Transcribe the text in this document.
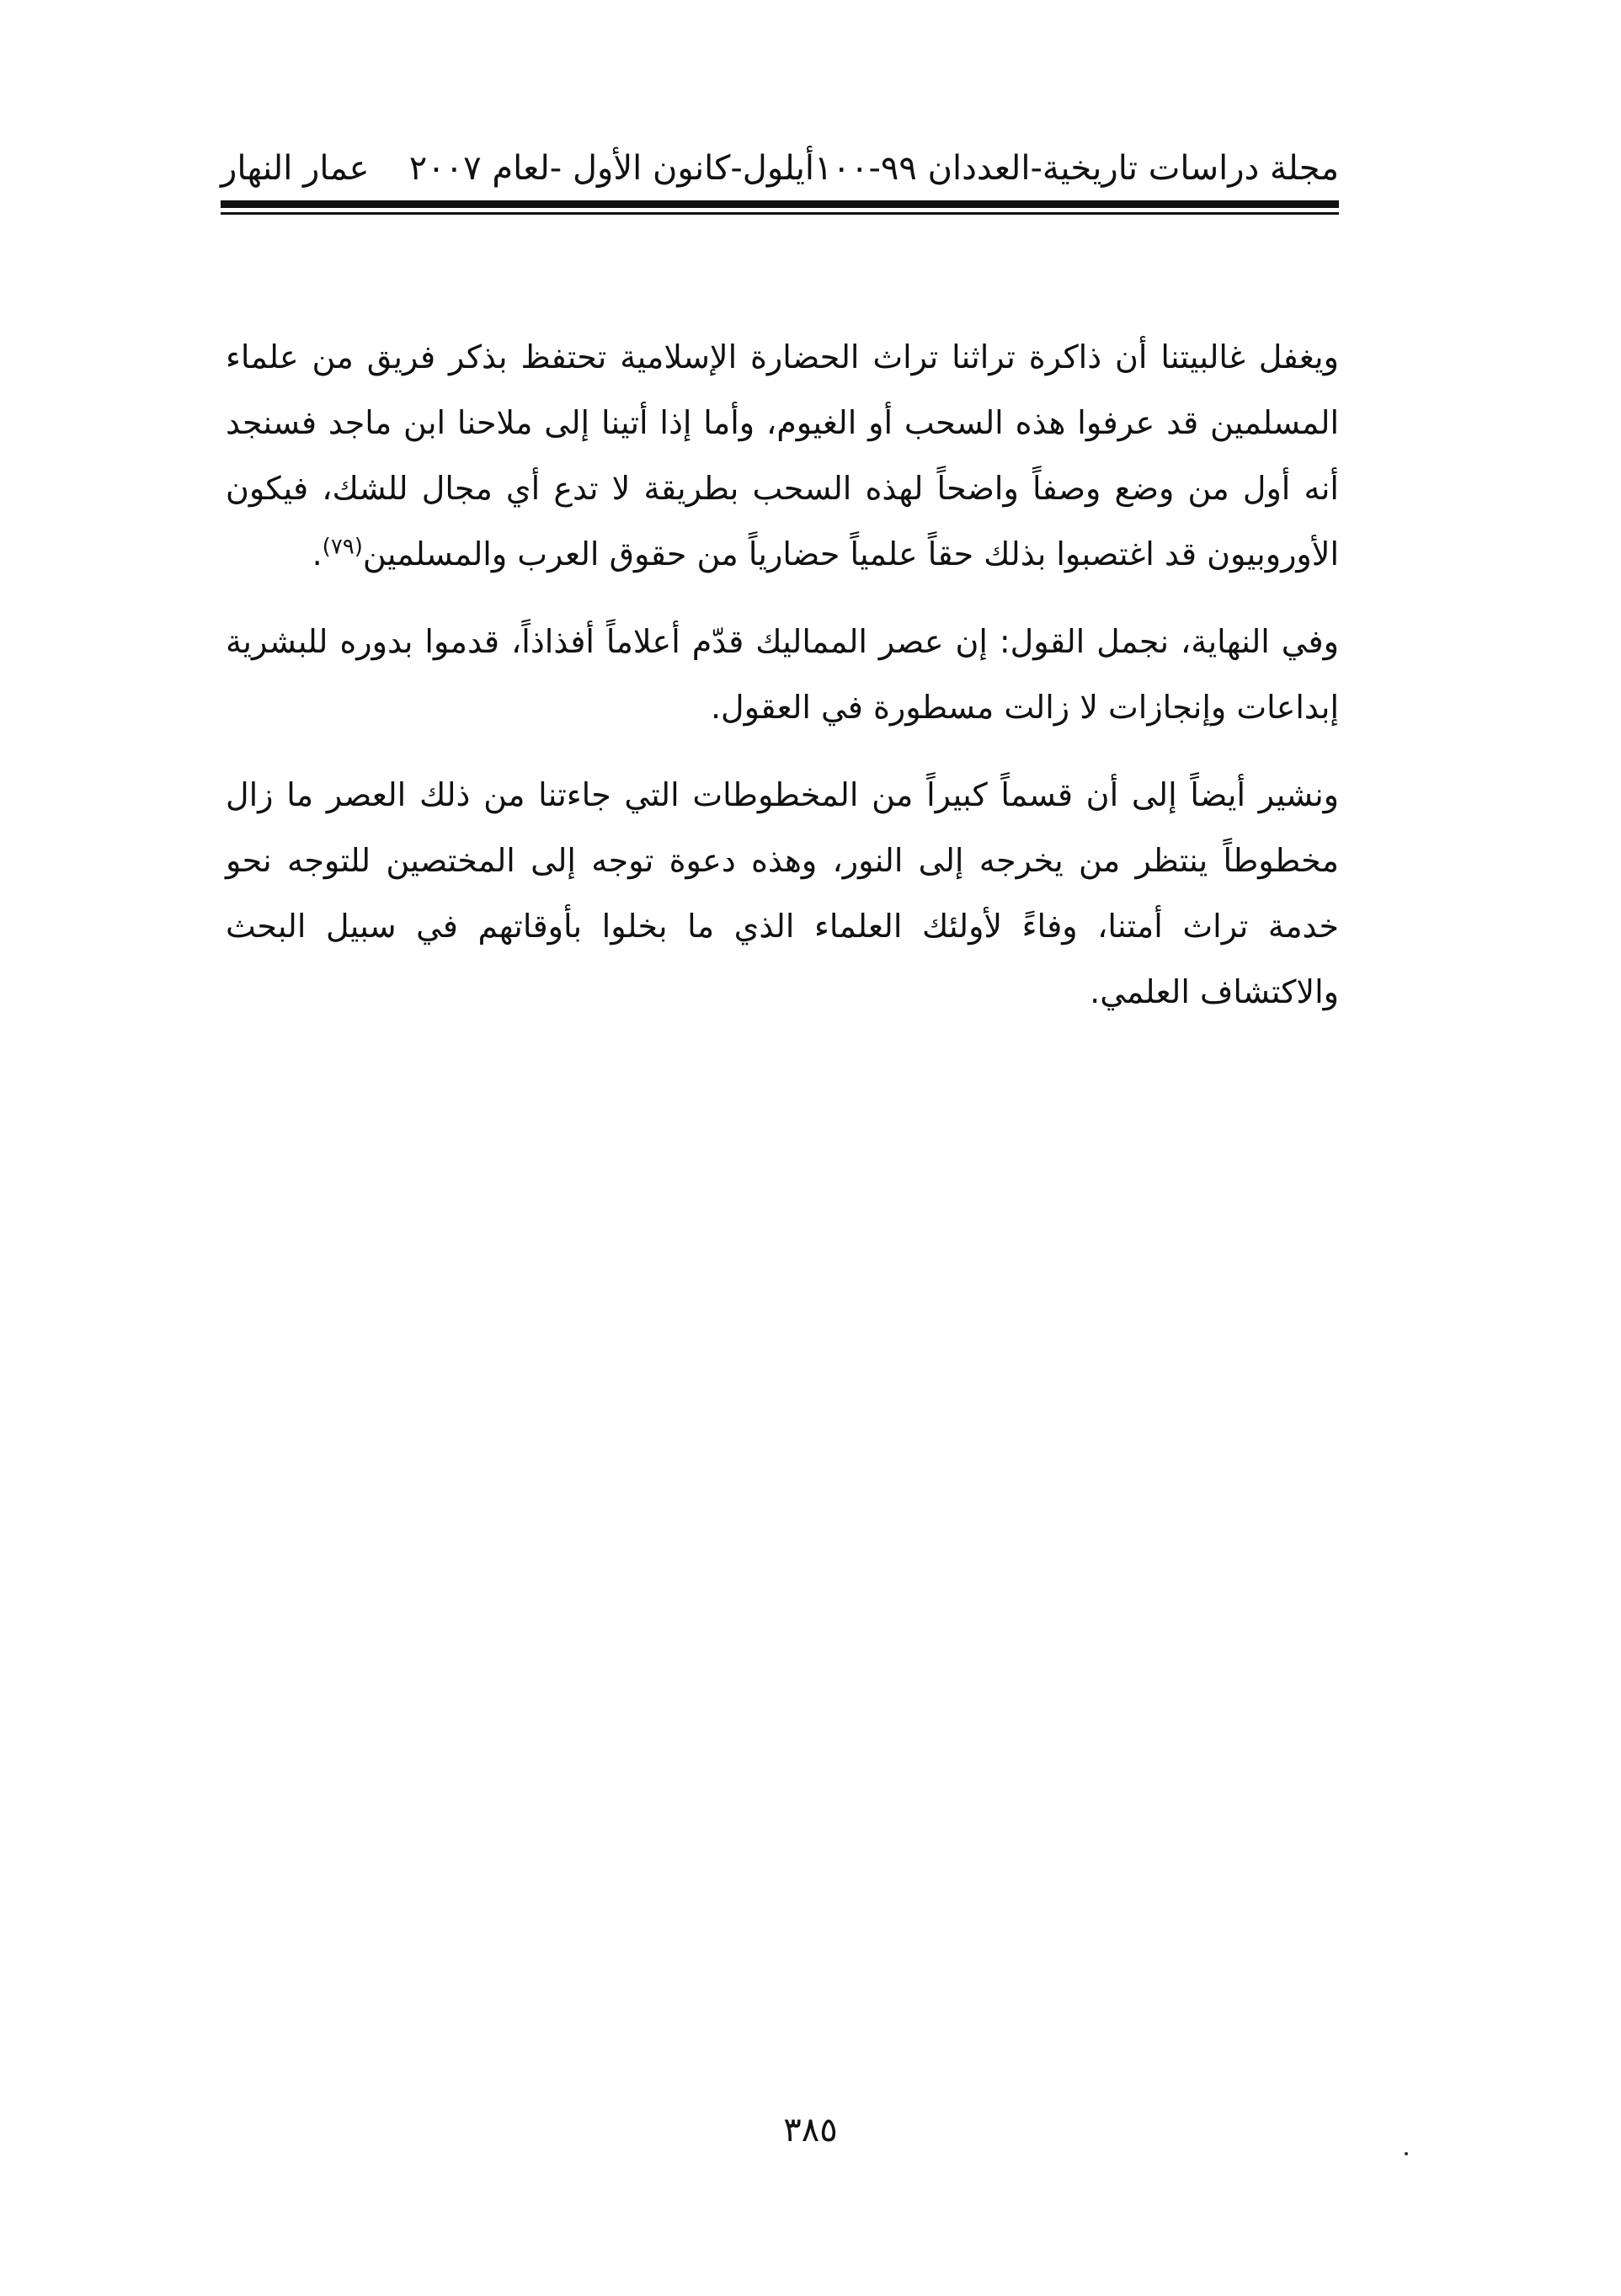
مجلة دراسات تاريخية-العددان ٩٩-١٠٠أيلول-كانون الأول -لعام ٢٠٠٧
عمار النهار

ويغفل غالبيتنا أن ذاكرة تراثنا تراث الحضارة الإسلامية تحتفظ بذكر فريق من علماء المسلمين قد عرفوا هذه السحب أو الغيوم، وأما إذا أتينا إلى ملاحنا ابن ماجد فسنجد أنه أول من وضع وصفاً واضحاً لهذه السحب بطريقة لا تدع أي مجال للشك، فيكون الأوروبيون قد اغتصبوا بذلك حقاً علمياً حضارياً من حقوق العرب والمسلمين$^{(٧٩)}$.

وفي النهاية، نجمل القول: إن عصر المماليك قدّم أعلاماً أفذاذاً، قدموا بدوره للبشرية إبداعات وإنجازات لا زالت مسطورة في العقول.

ونشير أيضاً إلى أن قسماً كبيراً من المخطوطات التي جاءتنا من ذلك العصر ما زال مخطوطاً ينتظر من يخرجه إلى النور، وهذه دعوة توجه إلى المختصين للتوجه نحو خدمة تراث أمتنا، وفاءً لأولئك العلماء الذي ما بخلوا بأوقاتهم في سبيل البحث والاكتشاف العلمي.

٣٨٥
